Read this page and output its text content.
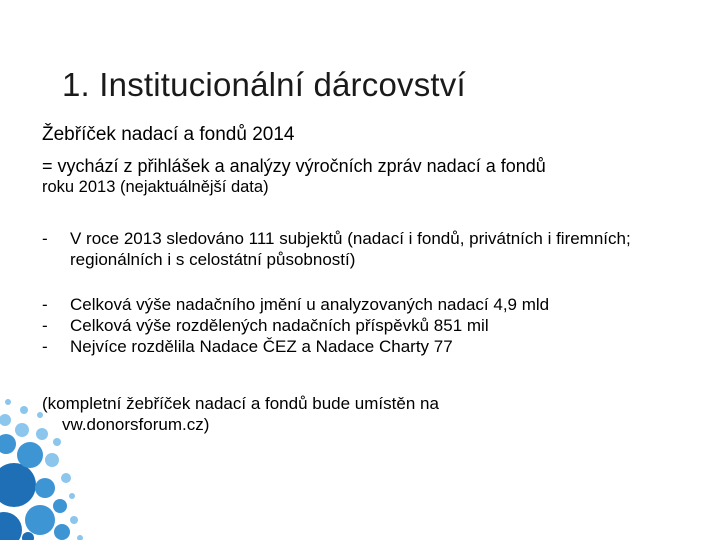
1. Institucionální dárcovství
Žebříček nadací a fondů 2014
= vychází z přihlášek a analýzy výročních zpráv nadací a fondů
roku 2013 (nejaktuálnější data)
-	V roce 2013 sledováno 111 subjektů (nadací i fondů, privátních i firemních; regionálních i s celostátní působností)
-	Celková výše nadačního jmění u analyzovaných nadací 4,9 mld
-	Celková výše rozdělených nadačních příspěvků 851 mil
-	Nejvíce rozdělila Nadace ČEZ a Nadace Charty 77
(kompletní žebříček nadací a fondů bude umístěn na
vw.donorsforum.cz)
